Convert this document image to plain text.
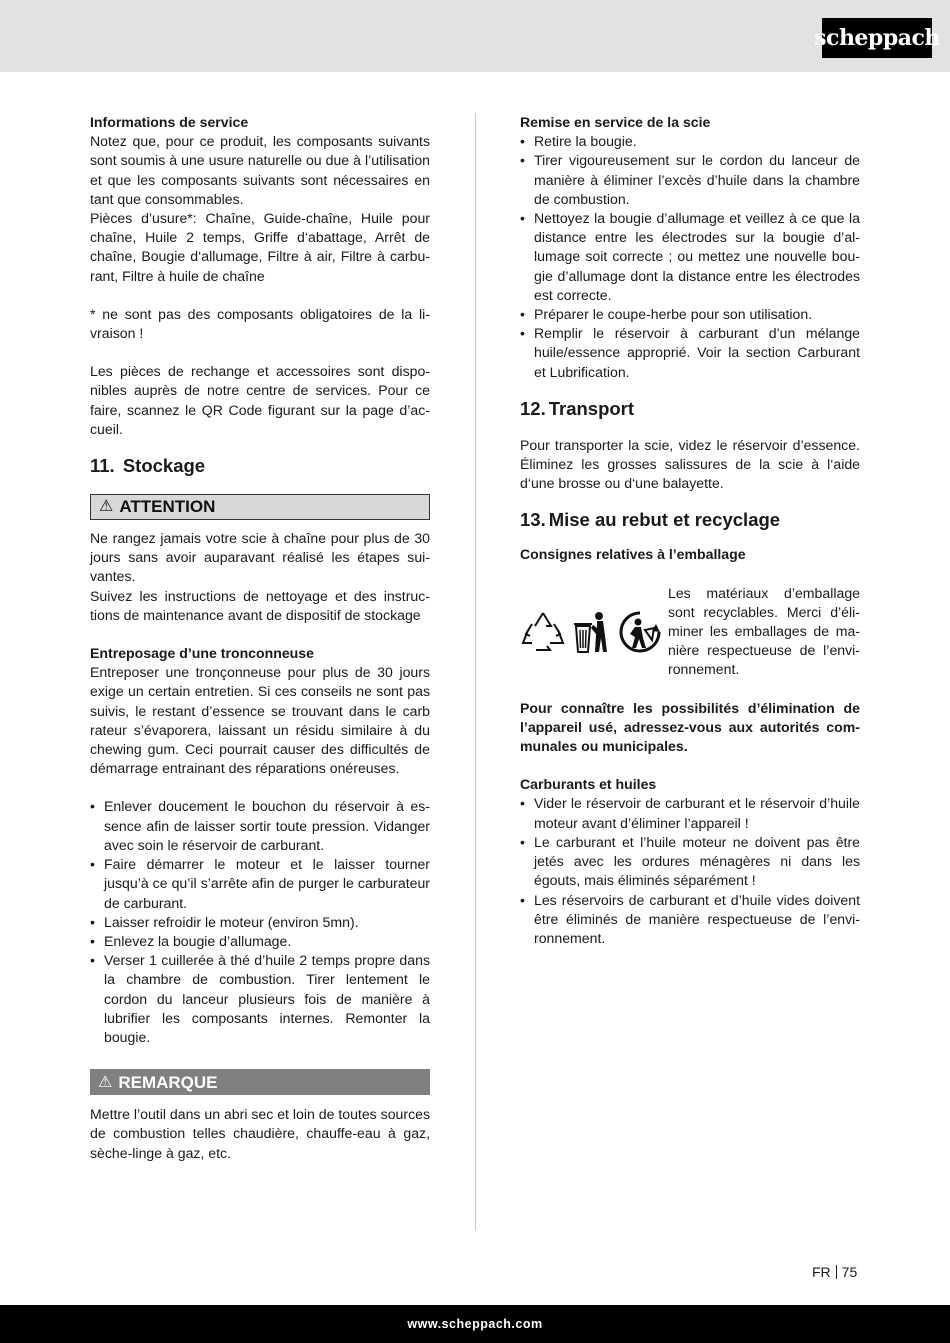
scheppach

Informations de service

Notez que, pour ce produit, les composants suivants sont soumis à une usure naturelle ou due à l’utilisation et que les composants suivants sont nécessaires en tant que consommables.

Pièces d’usure*: Chaîne, Guide-chaîne, Huile pour chaîne, Huile 2 temps, Griffe d‘abattage, Arrêt de chaîne, Bougie d‘allumage, Filtre à air, Filtre à carburant, Filtre à huile de chaîne

* ne sont pas des composants obligatoires de la livraison !

Les pièces de rechange et accessoires sont disponibles auprès de notre centre de services. Pour ce faire, scannez le QR Code figurant sur la page d’accueil.

11. Stockage
⚠ ATTENTION

Ne rangez jamais votre scie à chaîne pour plus de 30 jours sans avoir auparavant réalisé les étapes suivantes.

Suivez les instructions de nettoyage et des instructions de maintenance avant de dispositif de stockage

Entreposage d’une tronconneuse

Entreposer une tronçonneuse pour plus de 30 jours exige un certain entretien. Si ces conseils ne sont pas suivis, le restant d’essence se trouvant dans le carb rateur s’évaporera, laissant un résidu similaire à du chewing gum. Ceci pourrait causer des difficultés de démarrage entrainant des réparations onéreuses.

• Enlever doucement le bouchon du réservoir à essence afin de laisser sortir toute pression. Vidanger avec soin le réservoir de carburant.
• Faire démarrer le moteur et le laisser tourner jusqu’à ce qu’il s’arrête afin de purger le carburateur de carburant.
• Laisser refroidir le moteur (environ 5mn).
• Enlevez la bougie d’allumage.
• Verser 1 cuillerée à thé d’huile 2 temps propre dans la chambre de combustion. Tirer lentement le cordon du lanceur plusieurs fois de manière à lubrifier les composants internes. Remonter la bougie.
⚠ REMARQUE

Mettre l’outil dans un abri sec et loin de toutes sources de combustion telles chaudière, chauffe-eau à gaz, sèche-linge à gaz, etc.

Remise en service de la scie

• Retire la bougie.
• Tirer vigoureusement sur le cordon du lanceur de manière à éliminer l’excès d’huile dans la chambre de combustion.
• Nettoyez la bougie d’allumage et veillez à ce que la distance entre les électrodes sur la bougie d’allumage soit correcte ; ou mettez une nouvelle bougie d’allumage dont la distance entre les électrodes est correcte.
• Préparer le coupe-herbe pour son utilisation.
• Remplir le réservoir à carburant d’un mélange huile/essence approprié. Voir la section Carburant et Lubrification.
12. Transport

Pour transporter la scie, videz le réservoir d’essence. Éliminez les grosses salissures de la scie à l‘aide d‘une brosse ou d‘une balayette.

13. Mise au rebut et recyclage

Consignes relatives à l’emballage

Les matériaux d’emballage sont recyclables. Merci d’éliminer les emballages de manière respectueuse de l’environnement.

Pour connaître les possibilités d’élimination de l’appareil usé, adressez-vous aux autorités communales ou municipales.

Carburants et huiles

• Vider le réservoir de carburant et le réservoir d’huile moteur avant d’éliminer l’appareil !
• Le carburant et l’huile moteur ne doivent pas être jetés avec les ordures ménagères ni dans les égouts, mais éliminés séparément !
• Les réservoirs de carburant et d’huile vides doivent être éliminés de manière respectueuse de l’environnement.
FR 75
www.scheppach.com
